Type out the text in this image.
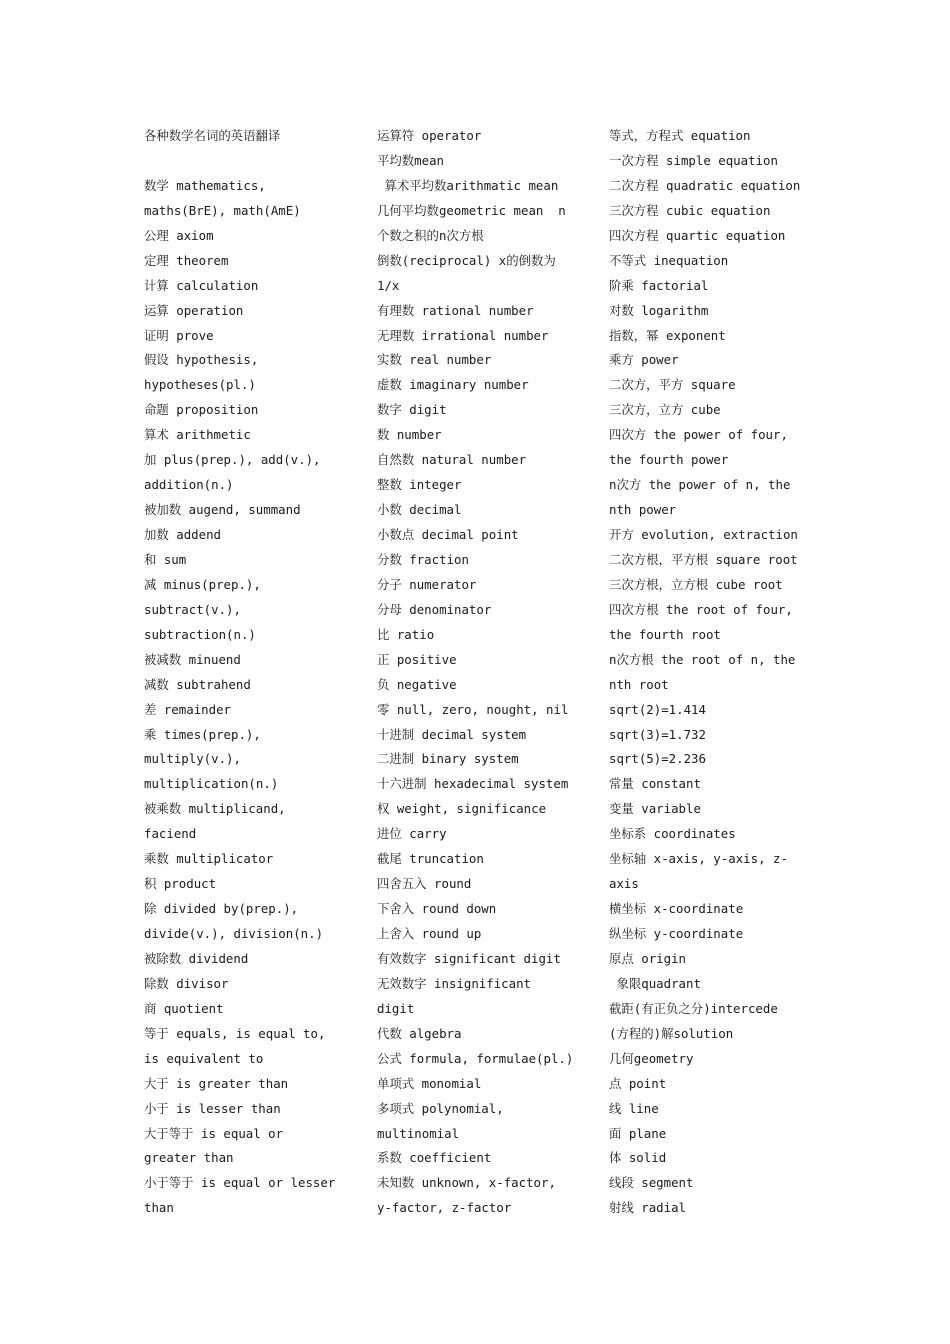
各种数学名词的英语翻译
数学 mathematics,
maths(BrE), math(AmE)
公理 axiom
定理 theorem
计算 calculation
运算 operation
证明 prove
假设 hypothesis,
hypotheses(pl.)
命题 proposition
算术 arithmetic
加 plus(prep.), add(v.),
addition(n.)
被加数 augend, summand
加数 addend
和 sum
减 minus(prep.),
subtract(v.),
subtraction(n.)
被减数 minuend
减数 subtrahend
差 remainder
乘 times(prep.),
multiply(v.),
multiplication(n.)
被乘数 multiplicand,
faciend
乘数 multiplicator
积 product
除 divided by(prep.),
divide(v.), division(n.)
被除数 dividend
除数 divisor
商 quotient
等于 equals, is equal to,
is equivalent to
大于 is greater than
小于 is lesser than
大于等于 is equal or
greater than
小于等于 is equal or lesser
than
运算符 operator
平均数mean
算术平均数arithmatic mean
几何平均数geometric mean  n
个数之积的n次方根
倒数(reciprocal) x的倒数为
1/x
有理数 rational number
无理数 irrational number
实数 real number
虚数 imaginary number
数字 digit
数 number
自然数 natural number
整数 integer
小数 decimal
小数点 decimal point
分数 fraction
分子 numerator
分母 denominator
比 ratio
正 positive
负 negative
零 null, zero, nought, nil
十进制 decimal system
二进制 binary system
十六进制 hexadecimal system
权 weight, significance
进位 carry
截尾 truncation
四舍五入 round
下舍入 round down
上舍入 round up
有效数字 significant digit
无效数字 insignificant
digit
代数 algebra
公式 formula, formulae(pl.)
单项式 monomial
多项式 polynomial,
multinomial
系数 coefficient
未知数 unknown, x-factor,
y-factor, z-factor
等式，方程式 equation
一次方程 simple equation
二次方程 quadratic equation
三次方程 cubic equation
四次方程 quartic equation
不等式 inequation
阶乘 factorial
对数 logarithm
指数，幂 exponent
乘方 power
二次方，平方 square
三次方，立方 cube
四次方 the power of four,
the fourth power
n次方 the power of n, the
nth power
开方 evolution, extraction
二次方根，平方根 square root
三次方根，立方根 cube root
四次方根 the root of four,
the fourth root
n次方根 the root of n, the
nth root
sqrt(2)=1.414
sqrt(3)=1.732
sqrt(5)=2.236
常量 constant
变量 variable
坐标系 coordinates
坐标轴 x-axis, y-axis, z-
axis
横坐标 x-coordinate
纵坐标 y-coordinate
原点 origin
象限quadrant
截距(有正负之分)intercede
(方程的)解solution
几何geometry
点 point
线 line
面 plane
体 solid
线段 segment
射线 radial
